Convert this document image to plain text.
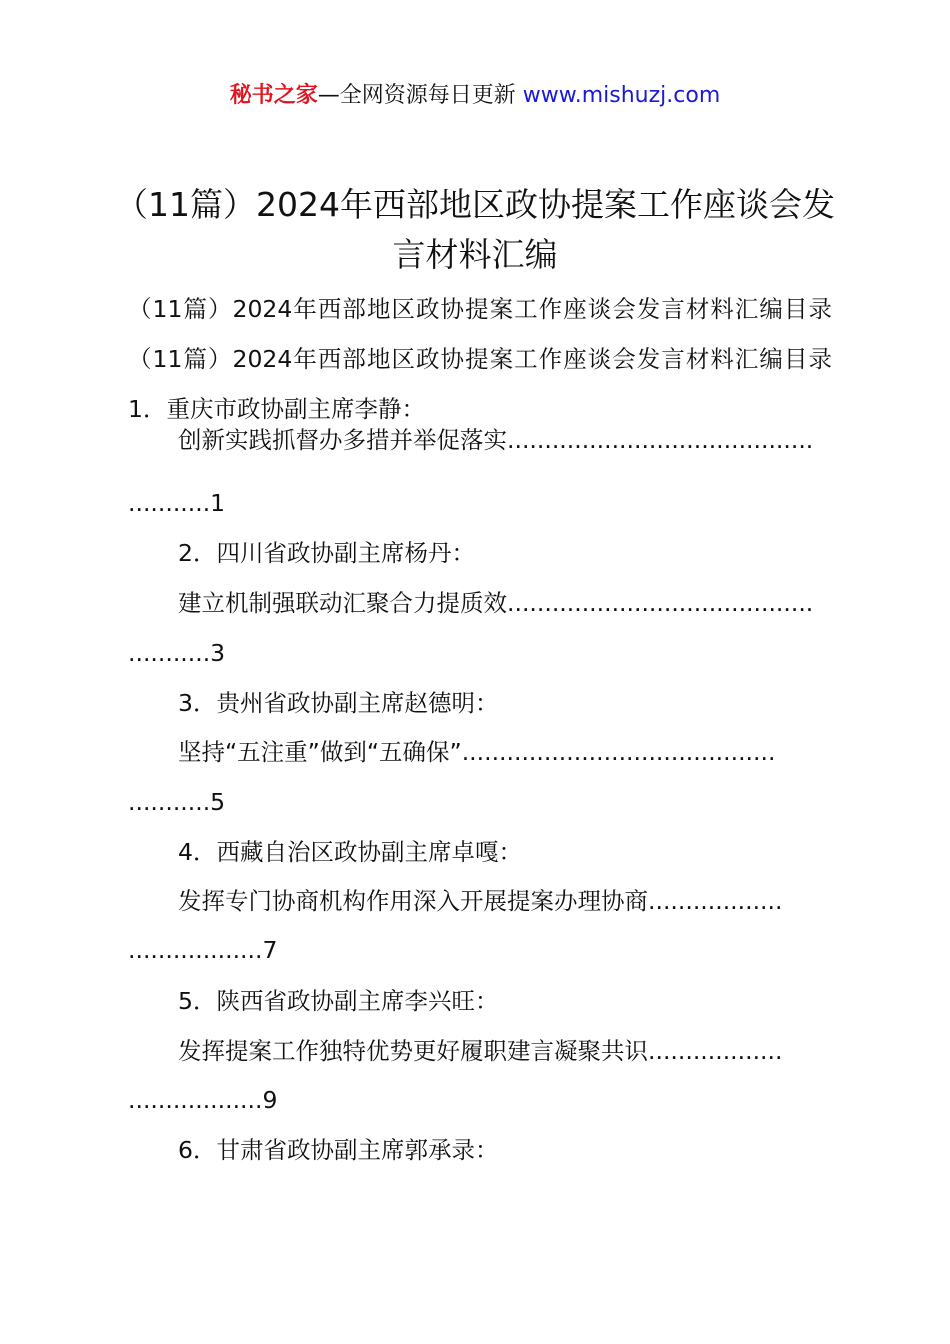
秘书之家—全网资源每日更新 www.mishuzj.com
（11篇）2024年西部地区政协提案工作座谈会发言材料汇编

（11篇）2024年西部地区政协提案工作座谈会发言材料汇编目录（11篇）2024年西部地区政协提案工作座谈会发言材料汇编目录1．重庆市政协副主席李静：

创新实践抓督办多措并举促落实.........................................
...........1
2．四川省政协副主席杨丹：
建立机制强联动汇聚合力提质效.........................................
...........3
3．贵州省政协副主席赵德明：
坚持“五注重”做到“五确保”..........................................
...........5
4．西藏自治区政协副主席卓嘎：
发挥专门协商机构作用深入开展提案办理协商..................
..................7
5．陕西省政协副主席李兴旺：
发挥提案工作独特优势更好履职建言凝聚共识..................
..................9
6．甘肃省政协副主席郭承录：
